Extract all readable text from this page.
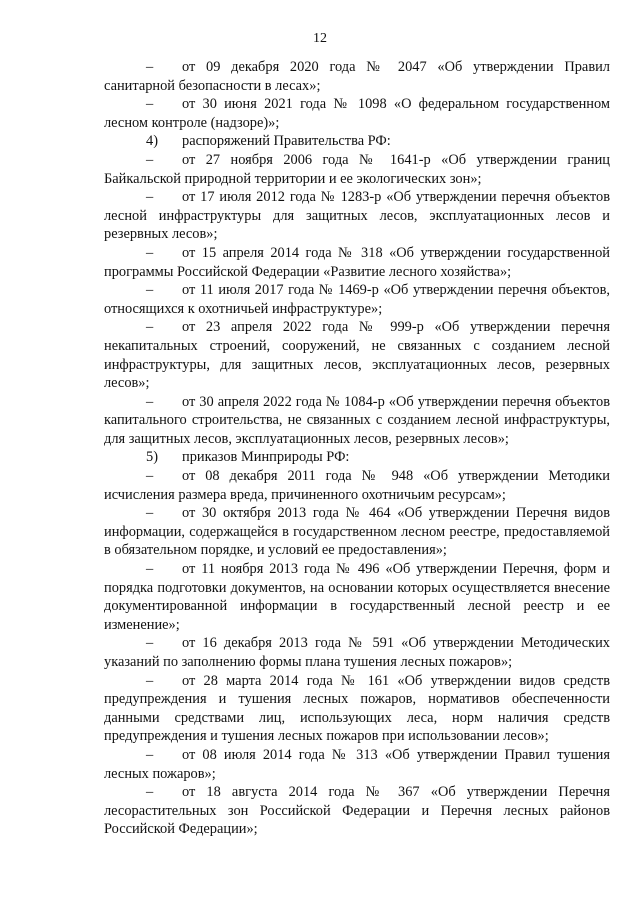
12

– от 09 декабря 2020 года № 2047 «Об утверждении Правил санитарной безопасности в лесах»;

– от 30 июня 2021 года № 1098 «О федеральном государственном лесном контроле (надзоре)»;

4) распоряжений Правительства РФ:

– от 27 ноября 2006 года № 1641-р «Об утверждении границ Байкальской природной территории и ее экологических зон»;

– от 17 июля 2012 года № 1283-р «Об утверждении перечня объектов лесной инфраструктуры для защитных лесов, эксплуатационных лесов и резервных лесов»;

– от 15 апреля 2014 года № 318 «Об утверждении государственной программы Российской Федерации «Развитие лесного хозяйства»;

– от 11 июля 2017 года № 1469-р «Об утверждении перечня объектов, относящихся к охотничьей инфраструктуре»;

– от 23 апреля 2022 года № 999-р «Об утверждении перечня некапитальных строений, сооружений, не связанных с созданием лесной инфраструктуры, для защитных лесов, эксплуатационных лесов, резервных лесов»;

– от 30 апреля 2022 года № 1084-р «Об утверждении перечня объектов капитального строительства, не связанных с созданием лесной инфраструктуры, для защитных лесов, эксплуатационных лесов, резервных лесов»;

5) приказов Минприроды РФ:

– от 08 декабря 2011 года № 948 «Об утверждении Методики исчисления размера вреда, причиненного охотничьим ресурсам»;

– от 30 октября 2013 года № 464 «Об утверждении Перечня видов информации, содержащейся в государственном лесном реестре, предоставляемой в обязательном порядке, и условий ее предоставления»;

– от 11 ноября 2013 года № 496 «Об утверждении Перечня, форм и порядка подготовки документов, на основании которых осуществляется внесение документированной информации в государственный лесной реестр и ее изменение»;

– от 16 декабря 2013 года № 591 «Об утверждении Методических указаний по заполнению формы плана тушения лесных пожаров»;

– от 28 марта 2014 года № 161 «Об утверждении видов средств предупреждения и тушения лесных пожаров, нормативов обеспеченности данными средствами лиц, использующих леса, норм наличия средств предупреждения и тушения лесных пожаров при использовании лесов»;

– от 08 июля 2014 года № 313 «Об утверждении Правил тушения лесных пожаров»;

– от 18 августа 2014 года № 367 «Об утверждении Перечня лесорастительных зон Российской Федерации и Перечня лесных районов Российской Федерации»;
